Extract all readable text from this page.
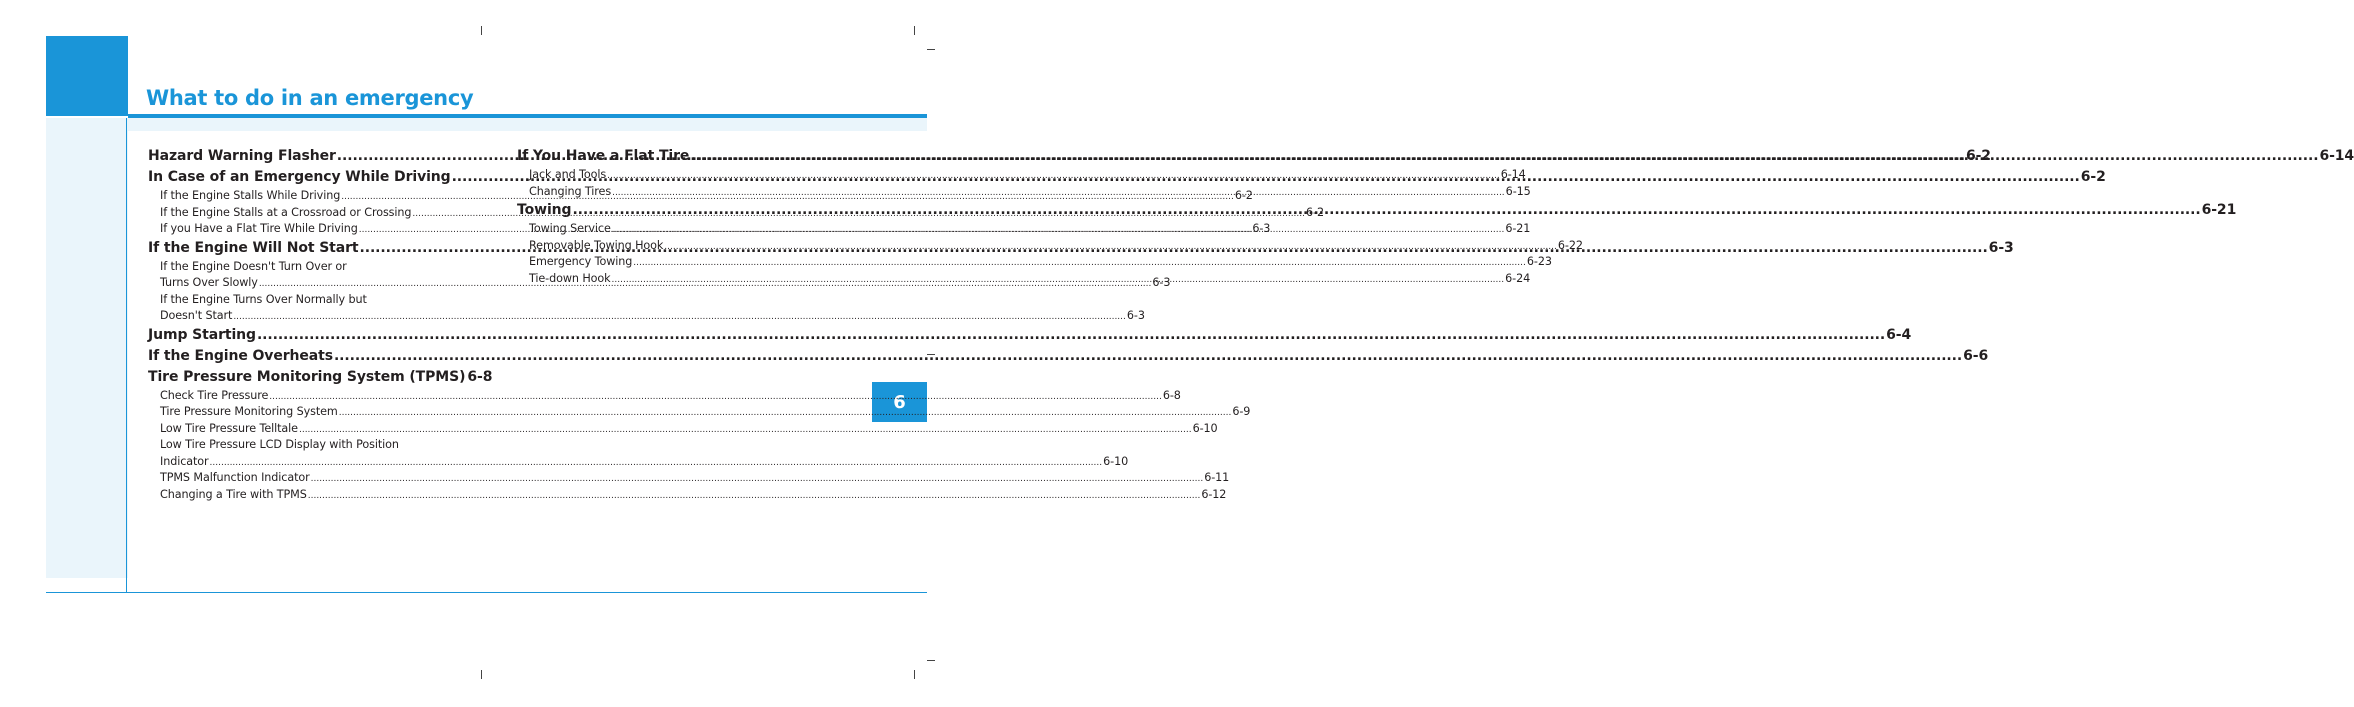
What to do in an emergency
6
Hazard Warning Flasher .....	6-2
In Case of an Emergency While Driving .....	6-2
If the Engine Stalls While Driving .....	6-2
If the Engine Stalls at a Crossroad or Crossing .....	6-2
If you Have a Flat Tire While Driving .....	6-3
If the Engine Will Not Start .....	6-3
If the Engine Doesn't Turn Over or
Turns Over Slowly .....	6-3
If the Engine Turns Over Normally but
Doesn't Start .....	6-3
Jump Starting .....	6-4
If the Engine Overheats .....	6-6
Tire Pressure Monitoring System (TPMS) 6-8
Check Tire Pressure .....	6-8
Tire Pressure Monitoring System .....	6-9
Low Tire Pressure Telltale .....	6-10
Low Tire Pressure LCD Display with Position
Indicator .....	6-10
TPMS Malfunction Indicator .....	6-11
Changing a Tire with TPMS .....	6-12
If You Have a Flat Tire .....	6-14
Jack and Tools .....	6-14
Changing Tires .....	6-15
Towing .....	6-21
Towing Service .....	6-21
Removable Towing Hook .....	6-22
Emergency Towing .....	6-23
Tie-down Hook .....	6-24
